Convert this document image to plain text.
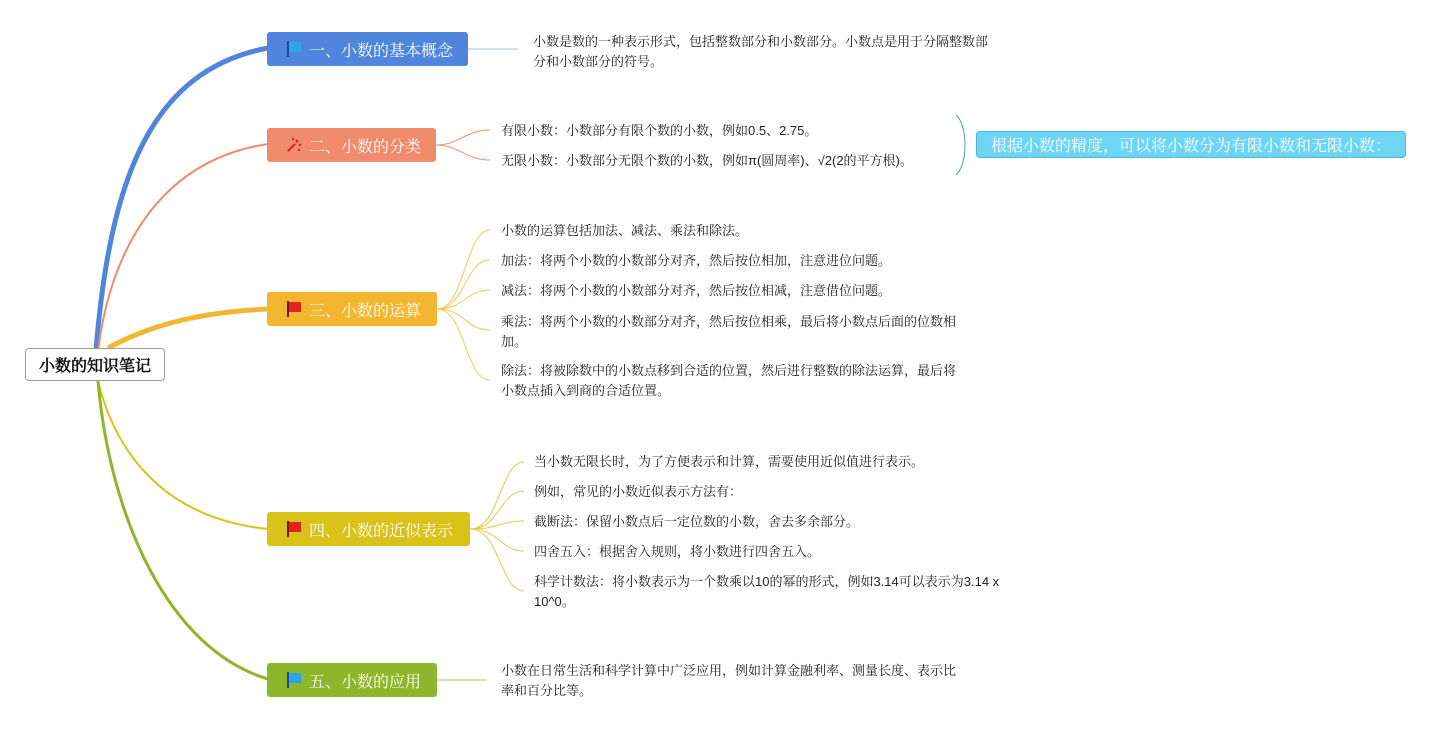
小数的知识笔记
一、小数的基本概念
小数是数的一种表示形式，包括整数部分和小数部分。小数点是用于分隔整数部
分和小数部分的符号。
二、小数的分类
有限小数：小数部分有限个数的小数，例如0.5、2.75。
无限小数：小数部分无限个数的小数，例如π(圆周率)、√2(2的平方根)。
根据小数的精度，可以将小数分为有限小数和无限小数：
三、小数的运算
小数的运算包括加法、减法、乘法和除法。
加法：将两个小数的小数部分对齐，然后按位相加，注意进位问题。
减法：将两个小数的小数部分对齐，然后按位相减，注意借位问题。
乘法：将两个小数的小数部分对齐，然后按位相乘，最后将小数点后面的位数相
加。
除法：将被除数中的小数点移到合适的位置，然后进行整数的除法运算，最后将
小数点插入到商的合适位置。
四、小数的近似表示
当小数无限长时，为了方便表示和计算，需要使用近似值进行表示。
例如，常见的小数近似表示方法有：
截断法：保留小数点后一定位数的小数，舍去多余部分。
四舍五入：根据舍入规则，将小数进行四舍五入。
科学计数法：将小数表示为一个数乘以10的幂的形式，例如3.14可以表示为3.14 x
10^0。
五、小数的应用
小数在日常生活和科学计算中广泛应用，例如计算金融利率、测量长度、表示比
率和百分比等。
